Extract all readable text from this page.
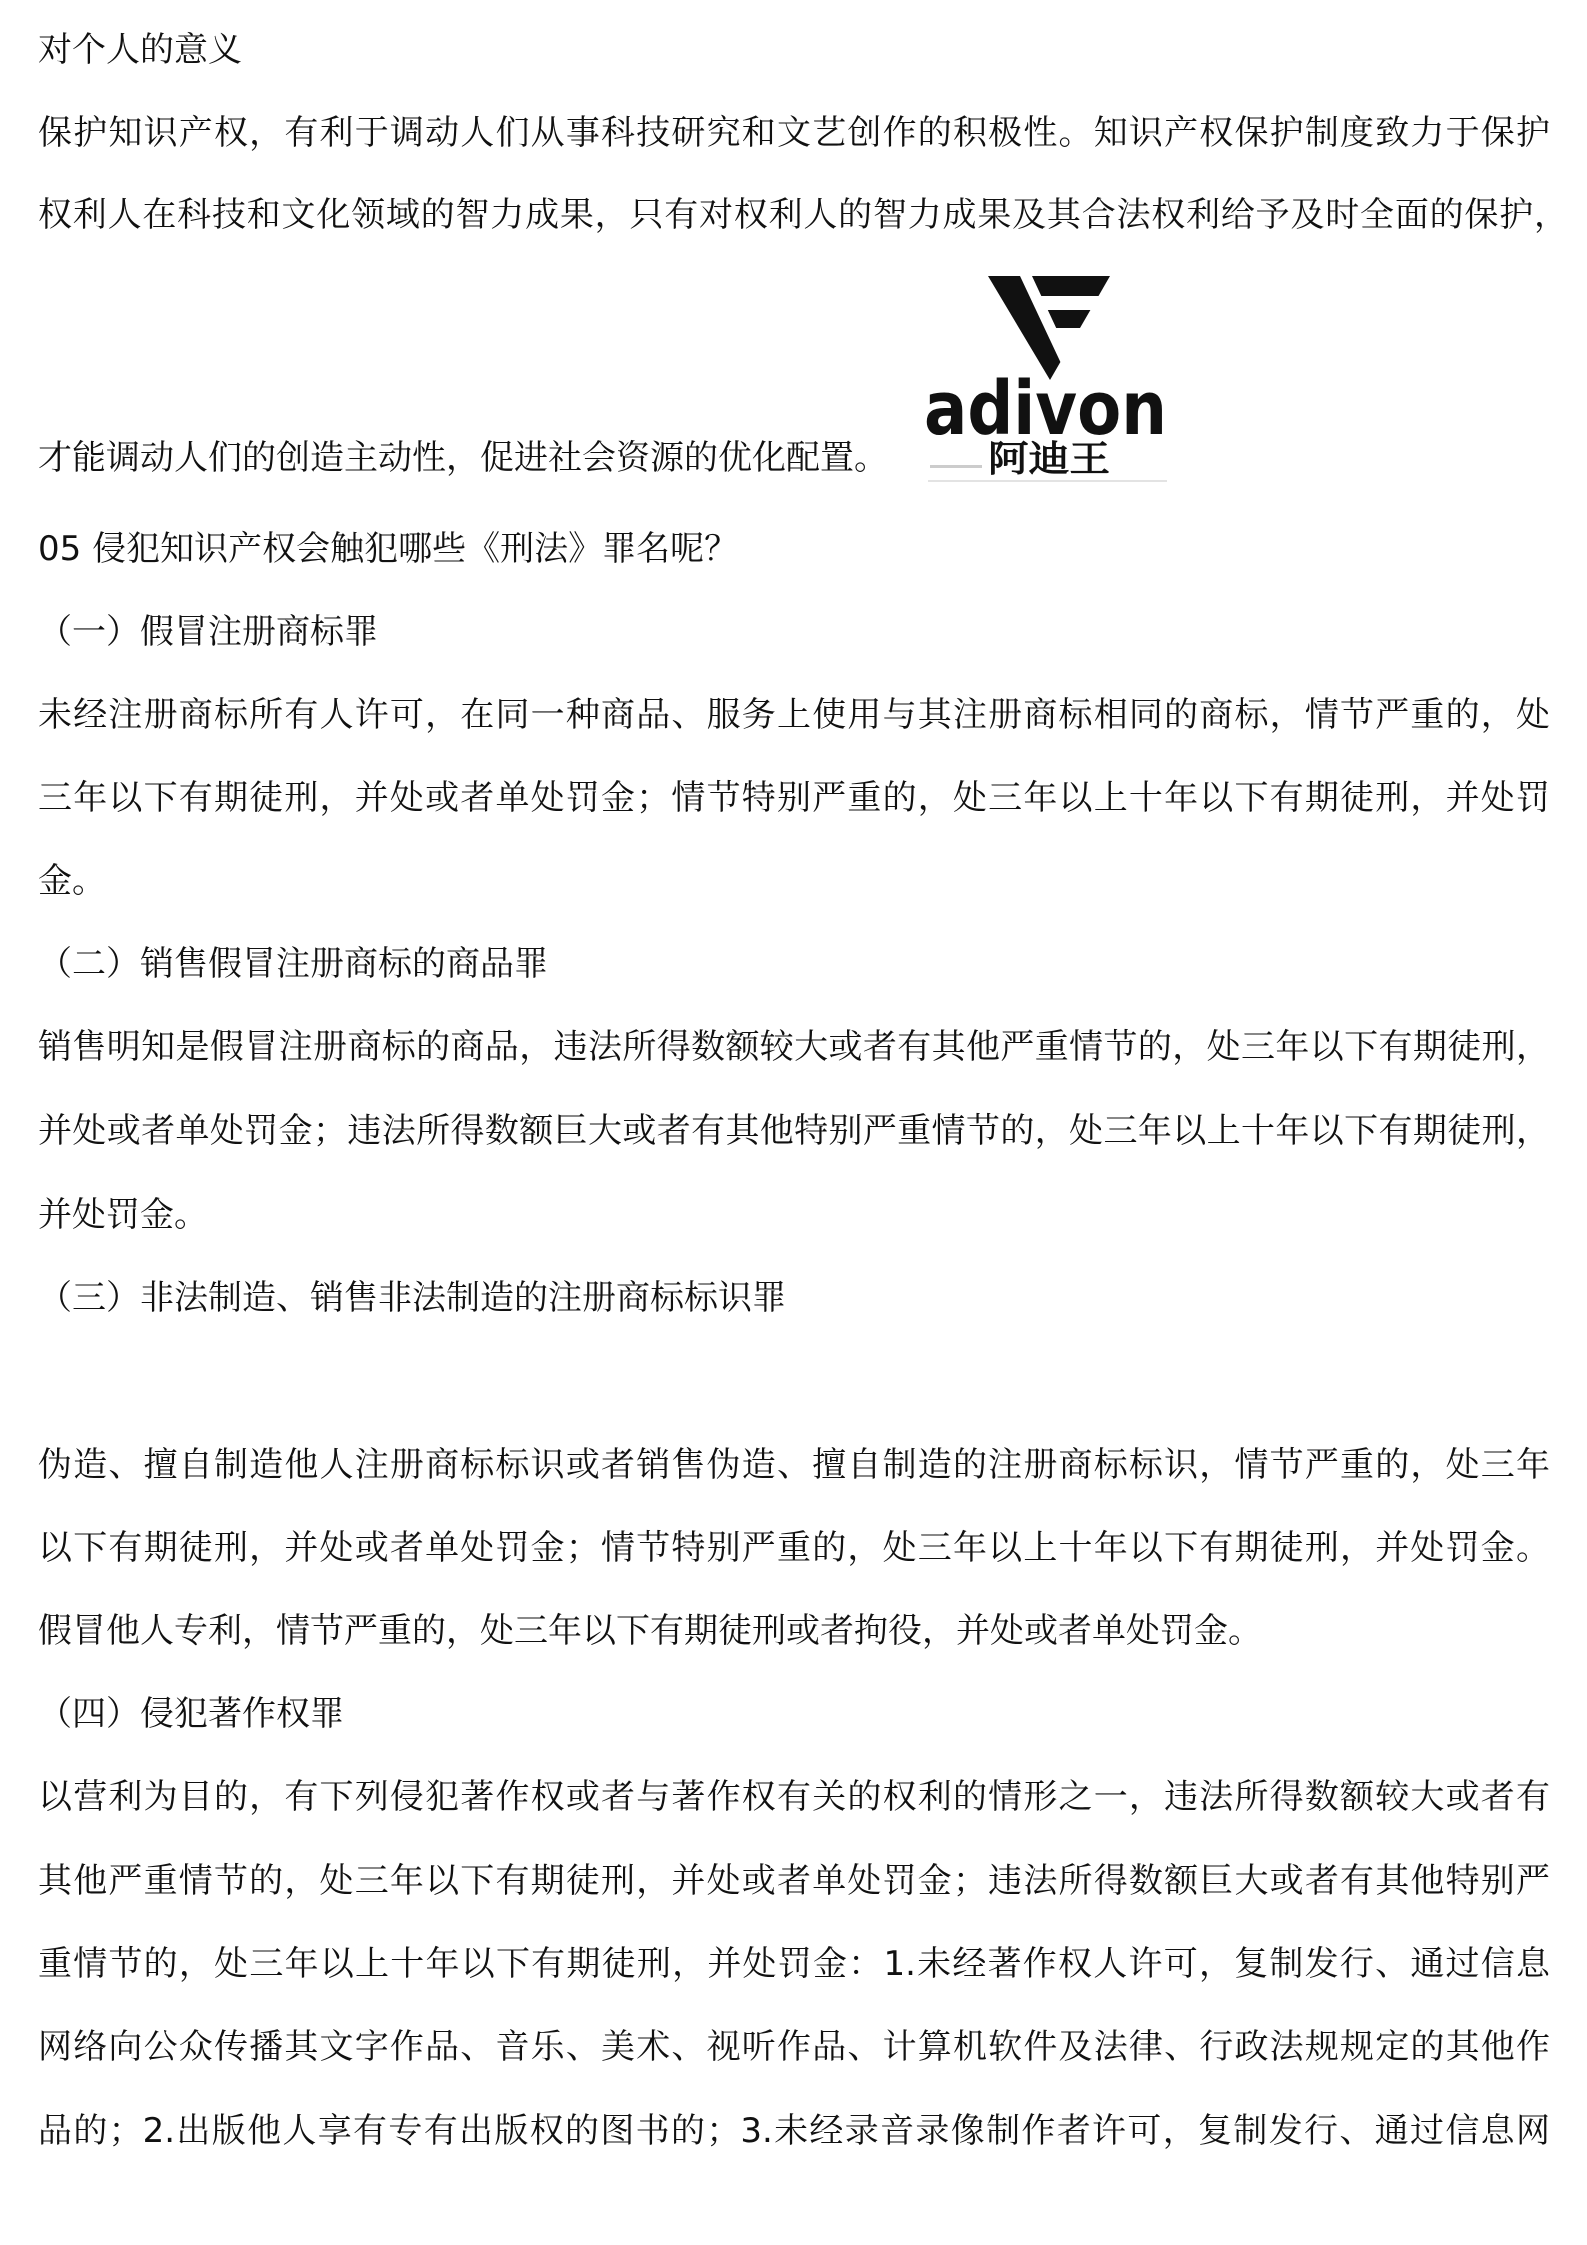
对个人的意义
保护知识产权，有利于调动人们从事科技研究和文艺创作的积极性。知识产权保护制度致力于保护
权利人在科技和文化领域的智力成果，只有对权利人的智力成果及其合法权利给予及时全面的保护，
才能调动人们的创造主动性，促进社会资源的优化配置。
adivon
阿迪王
05 侵犯知识产权会触犯哪些《刑法》罪名呢？
（一）假冒注册商标罪
未经注册商标所有人许可，在同一种商品、服务上使用与其注册商标相同的商标，情节严重的，处
三年以下有期徒刑，并处或者单处罚金；情节特别严重的，处三年以上十年以下有期徒刑，并处罚
金。
（二）销售假冒注册商标的商品罪
销售明知是假冒注册商标的商品，违法所得数额较大或者有其他严重情节的，处三年以下有期徒刑，
并处或者单处罚金；违法所得数额巨大或者有其他特别严重情节的，处三年以上十年以下有期徒刑，
并处罚金。
（三）非法制造、销售非法制造的注册商标标识罪
伪造、擅自制造他人注册商标标识或者销售伪造、擅自制造的注册商标标识，情节严重的，处三年
以下有期徒刑，并处或者单处罚金；情节特别严重的，处三年以上十年以下有期徒刑，并处罚金。
假冒他人专利，情节严重的，处三年以下有期徒刑或者拘役，并处或者单处罚金。
（四）侵犯著作权罪
以营利为目的，有下列侵犯著作权或者与著作权有关的权利的情形之一，违法所得数额较大或者有
其他严重情节的，处三年以下有期徒刑，并处或者单处罚金；违法所得数额巨大或者有其他特别严
重情节的，处三年以上十年以下有期徒刑，并处罚金：1.未经著作权人许可，复制发行、通过信息
网络向公众传播其文字作品、音乐、美术、视听作品、计算机软件及法律、行政法规规定的其他作
品的；2.出版他人享有专有出版权的图书的；3.未经录音录像制作者许可，复制发行、通过信息网
